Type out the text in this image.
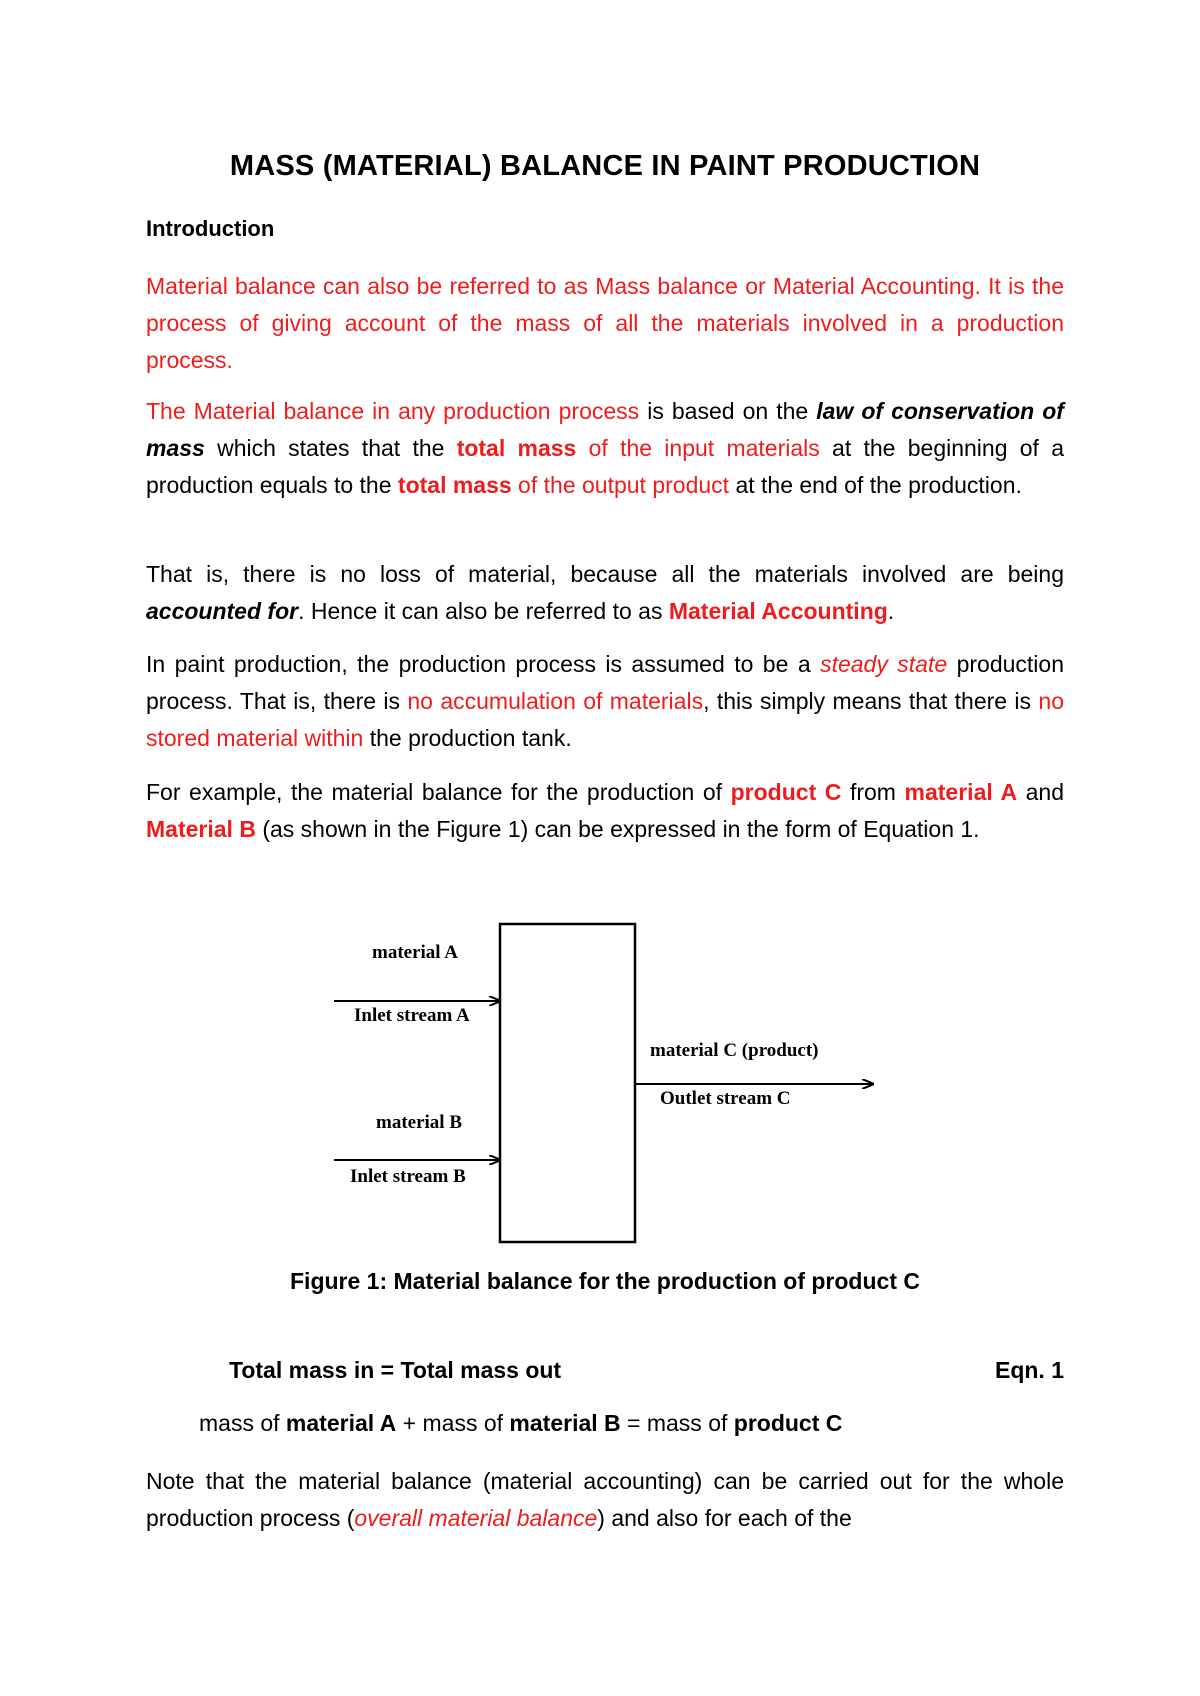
MASS (MATERIAL) BALANCE IN PAINT PRODUCTION
Introduction
Material balance can also be referred to as Mass balance or Material Accounting. It is the process of giving account of the mass of all the materials involved in a production process.
The Material balance in any production process is based on the law of conservation of mass which states that the total mass of the input materials at the beginning of a production equals to the total mass of the output product at the end of the production.
That is, there is no loss of material, because all the materials involved are being accounted for. Hence it can also be referred to as Material Accounting.
In paint production, the production process is assumed to be a steady state production process. That is, there is no accumulation of materials, this simply means that there is no stored material within the production tank.
For example, the material balance for the production of product C from material A and Material B (as shown in the Figure 1) can be expressed in the form of Equation 1.
Figure 1: Material balance for the production of product C
Total mass in = Total mass out	Eqn. 1
mass of material A + mass of material B = mass of product C
Note that the material balance (material accounting) can be carried out for the whole production process (overall material balance) and also for each of the
material A
Inlet stream A
material B
Inlet stream B
material C (product)
Outlet stream C
